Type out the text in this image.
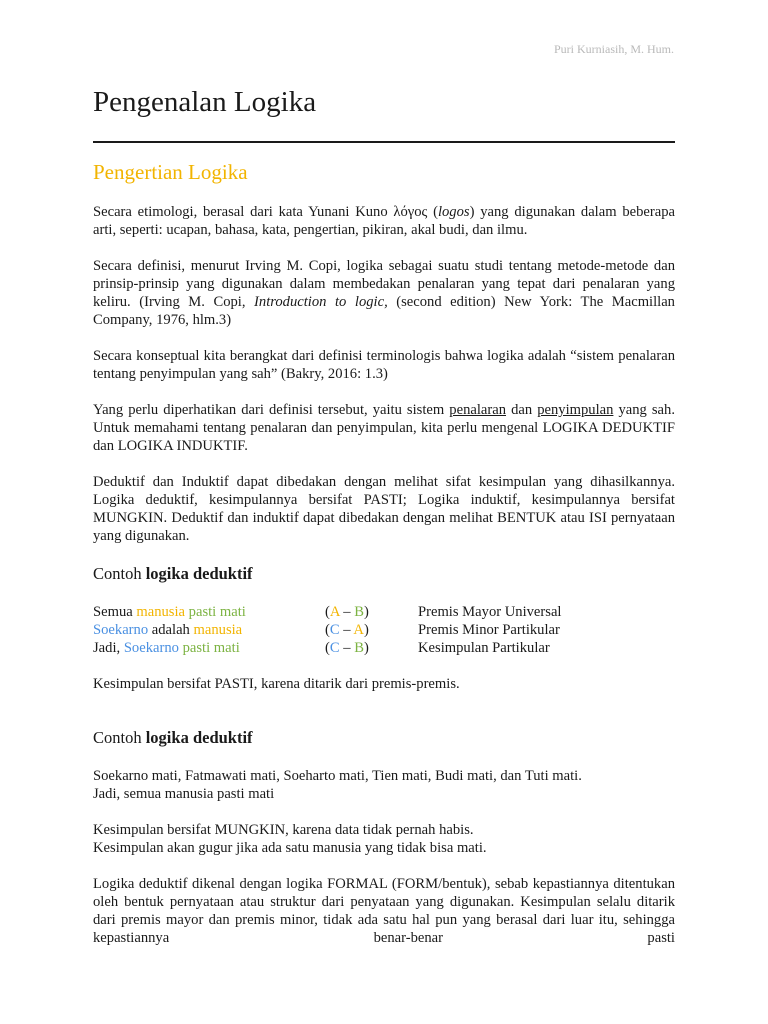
Puri Kurniasih, M. Hum.
Pengenalan Logika
Pengertian Logika

Secara etimologi, berasal dari kata Yunani Kuno λόγος (logos) yang digunakan dalam beberapa arti, seperti: ucapan, bahasa, kata, pengertian, pikiran, akal budi, dan ilmu.

Secara definisi, menurut Irving M. Copi, logika sebagai suatu studi tentang metode-metode dan prinsip-prinsip yang digunakan dalam membedakan penalaran yang tepat dari penalaran yang keliru. (Irving M. Copi, Introduction to logic, (second edition) New York: The Macmillan Company, 1976, hlm.3)

Secara konseptual kita berangkat dari definisi terminologis bahwa logika adalah “sistem penalaran tentang penyimpulan yang sah” (Bakry, 2016: 1.3)

Yang perlu diperhatikan dari definisi tersebut, yaitu sistem penalaran dan penyimpulan yang sah. Untuk memahami tentang penalaran dan penyimpulan, kita perlu mengenal LOGIKA DEDUKTIF dan LOGIKA INDUKTIF.

Deduktif dan Induktif dapat dibedakan dengan melihat sifat kesimpulan yang dihasilkannya. Logika deduktif, kesimpulannya bersifat PASTI; Logika induktif, kesimpulannya bersifat MUNGKIN. Deduktif dan induktif dapat dibedakan dengan melihat BENTUK atau ISI pernyataan yang digunakan.

Contoh logika deduktif
Semua manusia pasti mati	(A – B)	Premis Mayor Universal
Soekarno adalah manusia	(C – A)	Premis Minor Partikular
Jadi, Soekarno pasti mati	(C – B)	Kesimpulan Partikular

Kesimpulan bersifat PASTI, karena ditarik dari premis-premis.

Contoh logika deduktif

Soekarno mati, Fatmawati mati, Soeharto mati, Tien mati, Budi mati, dan Tuti mati.
Jadi, semua manusia pasti mati

Kesimpulan bersifat MUNGKIN, karena data tidak pernah habis.
Kesimpulan akan gugur jika ada satu manusia yang tidak bisa mati.

Logika deduktif dikenal dengan logika FORMAL (FORM/bentuk), sebab kepastiannya ditentukan oleh bentuk pernyataan atau struktur dari penyataan yang digunakan. Kesimpulan selalu ditarik dari premis mayor dan premis minor, tidak ada satu hal pun yang berasal dari luar itu, sehingga kepastiannya benar-benar pasti
